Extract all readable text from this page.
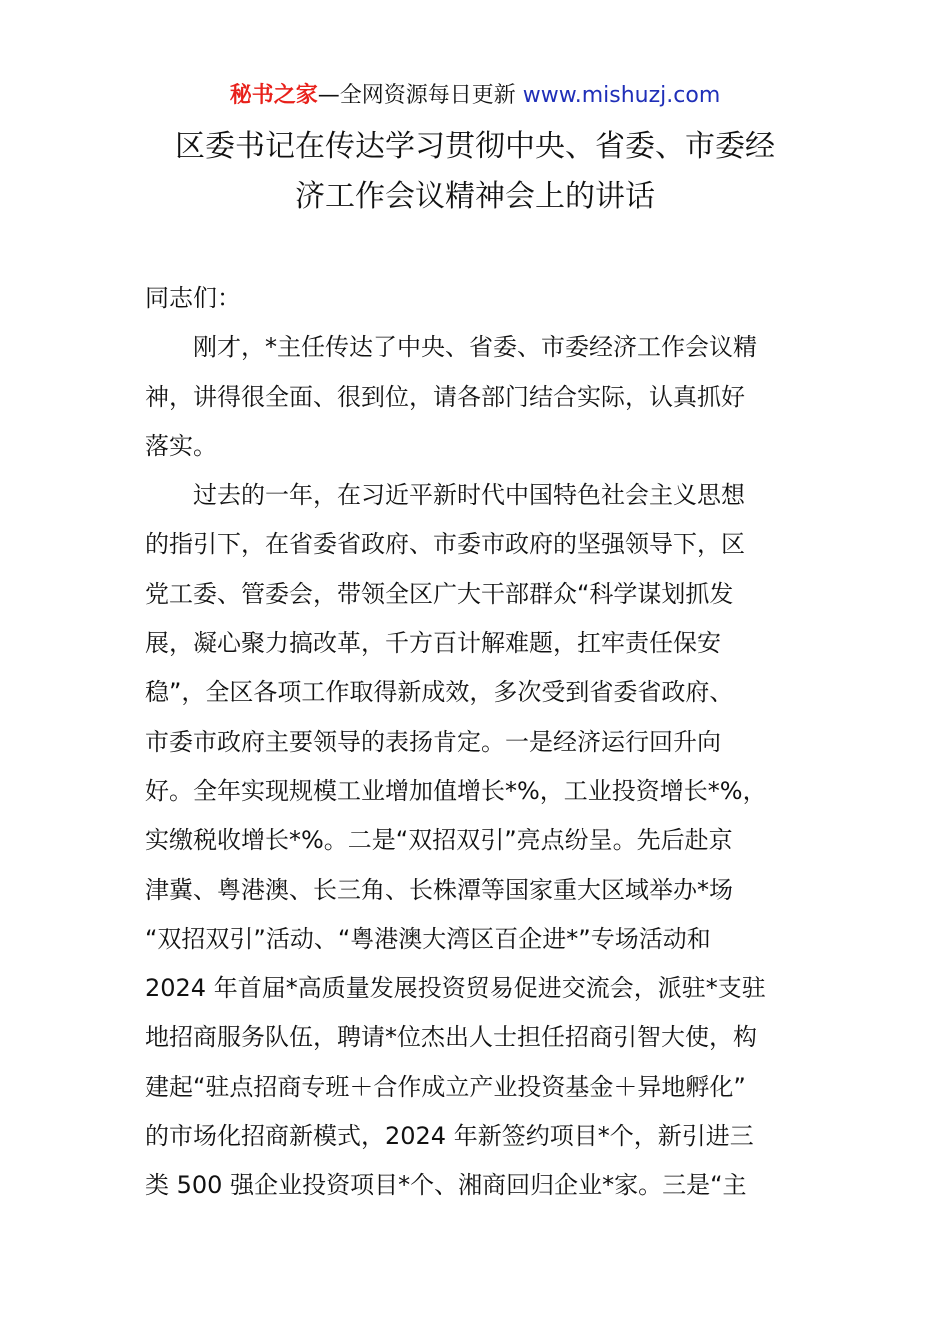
秘书之家—全网资源每日更新 www.mishuzj.com
区委书记在传达学习贯彻中央、省委、市委经
济工作会议精神会上的讲话
同志们：
刚才，*主任传达了中央、省委、市委经济工作会议精
神，讲得很全面、很到位，请各部门结合实际，认真抓好
落实。
过去的一年，在习近平新时代中国特色社会主义思想
的指引下，在省委省政府、市委市政府的坚强领导下，区
党工委、管委会，带领全区广大干部群众“科学谋划抓发
展，凝心聚力搞改革，千方百计解难题，扛牢责任保安
稳”，全区各项工作取得新成效，多次受到省委省政府、
市委市政府主要领导的表扬肯定。一是经济运行回升向
好。全年实现规模工业增加值增长*%，工业投资增长*%，
实缴税收增长*%。二是“双招双引”亮点纷呈。先后赴京
津冀、粤港澳、长三角、长株潭等国家重大区域举办*场
“双招双引”活动、“粤港澳大湾区百企进*”专场活动和
2024 年首届*高质量发展投资贸易促进交流会，派驻*支驻
地招商服务队伍，聘请*位杰出人士担任招商引智大使，构
建起“驻点招商专班＋合作成立产业投资基金＋异地孵化”
的市场化招商新模式，2024 年新签约项目*个，新引进三
类 500 强企业投资项目*个、湘商回归企业*家。三是“主
